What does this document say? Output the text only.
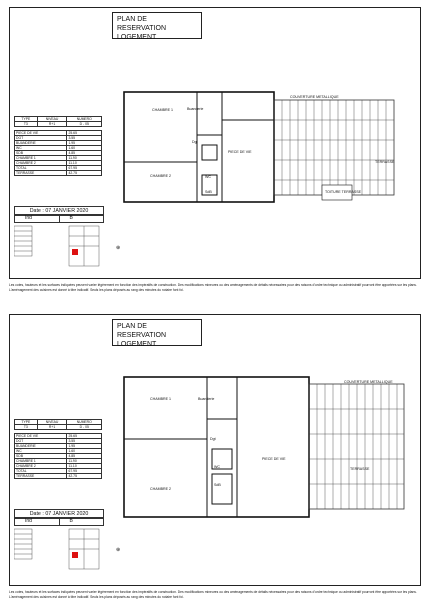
PLAN DE RESERVATION
LOGEMENT
CHAMBRE 1
CHAMBRE 2
Buanderie
PIECE DE VIE
Dgt
WC
SdB
COUVERTURE METALLIQUE
TERRASSE
TOITURE TERRASSE
TYPE	NIVEAU	NUMERO
T3	R+1	D - 05

PIECE DE VIE		25.65
DGT		3.55
BUANDERIE		1.95
WC		1.60
SDB		4.85
CHAMBRE 1		11.90
CHAMBRE 2		11.10
TOTAL		67.95
TERRASSE		42.75
Date : 07 JANVIER 2020
Ind	B
⊕
Les cotes, hauteurs et les surfaces indiquées peuvent varier légèrement en fonction des impératifs de construction. Des modifications mineures ou des aménagements de détails nécessaires pour des raisons d'ordre technique ou administratif pourront être apportées sur les plans. L'aménagement des cuisines est donné à titre indicatif. Seuls les plans déposés au rang des minutes du notaire font foi.
PLAN DE RESERVATION
LOGEMENT
CHAMBRE 1
CHAMBRE 2
Buanderie
PIECE DE VIE
Dgt
WC
SdB
COUVERTURE METALLIQUE
TERRASSE
TYPE	NIVEAU	NUMERO
T3	R+1	D - 05

PIECE DE VIE		25.65
DGT		3.55
BUANDERIE		1.95
WC		1.60
SDB		4.85
CHAMBRE 1		11.90
CHAMBRE 2		11.10
TOTAL		67.95
TERRASSE		42.75
Date : 07 JANVIER 2020
Ind	B
⊕
Les cotes, hauteurs et les surfaces indiquées peuvent varier légèrement en fonction des impératifs de construction. Des modifications mineures ou des aménagements de détails nécessaires pour des raisons d'ordre technique ou administratif pourront être apportées sur les plans. L'aménagement des cuisines est donné à titre indicatif. Seuls les plans déposés au rang des minutes du notaire font foi.
